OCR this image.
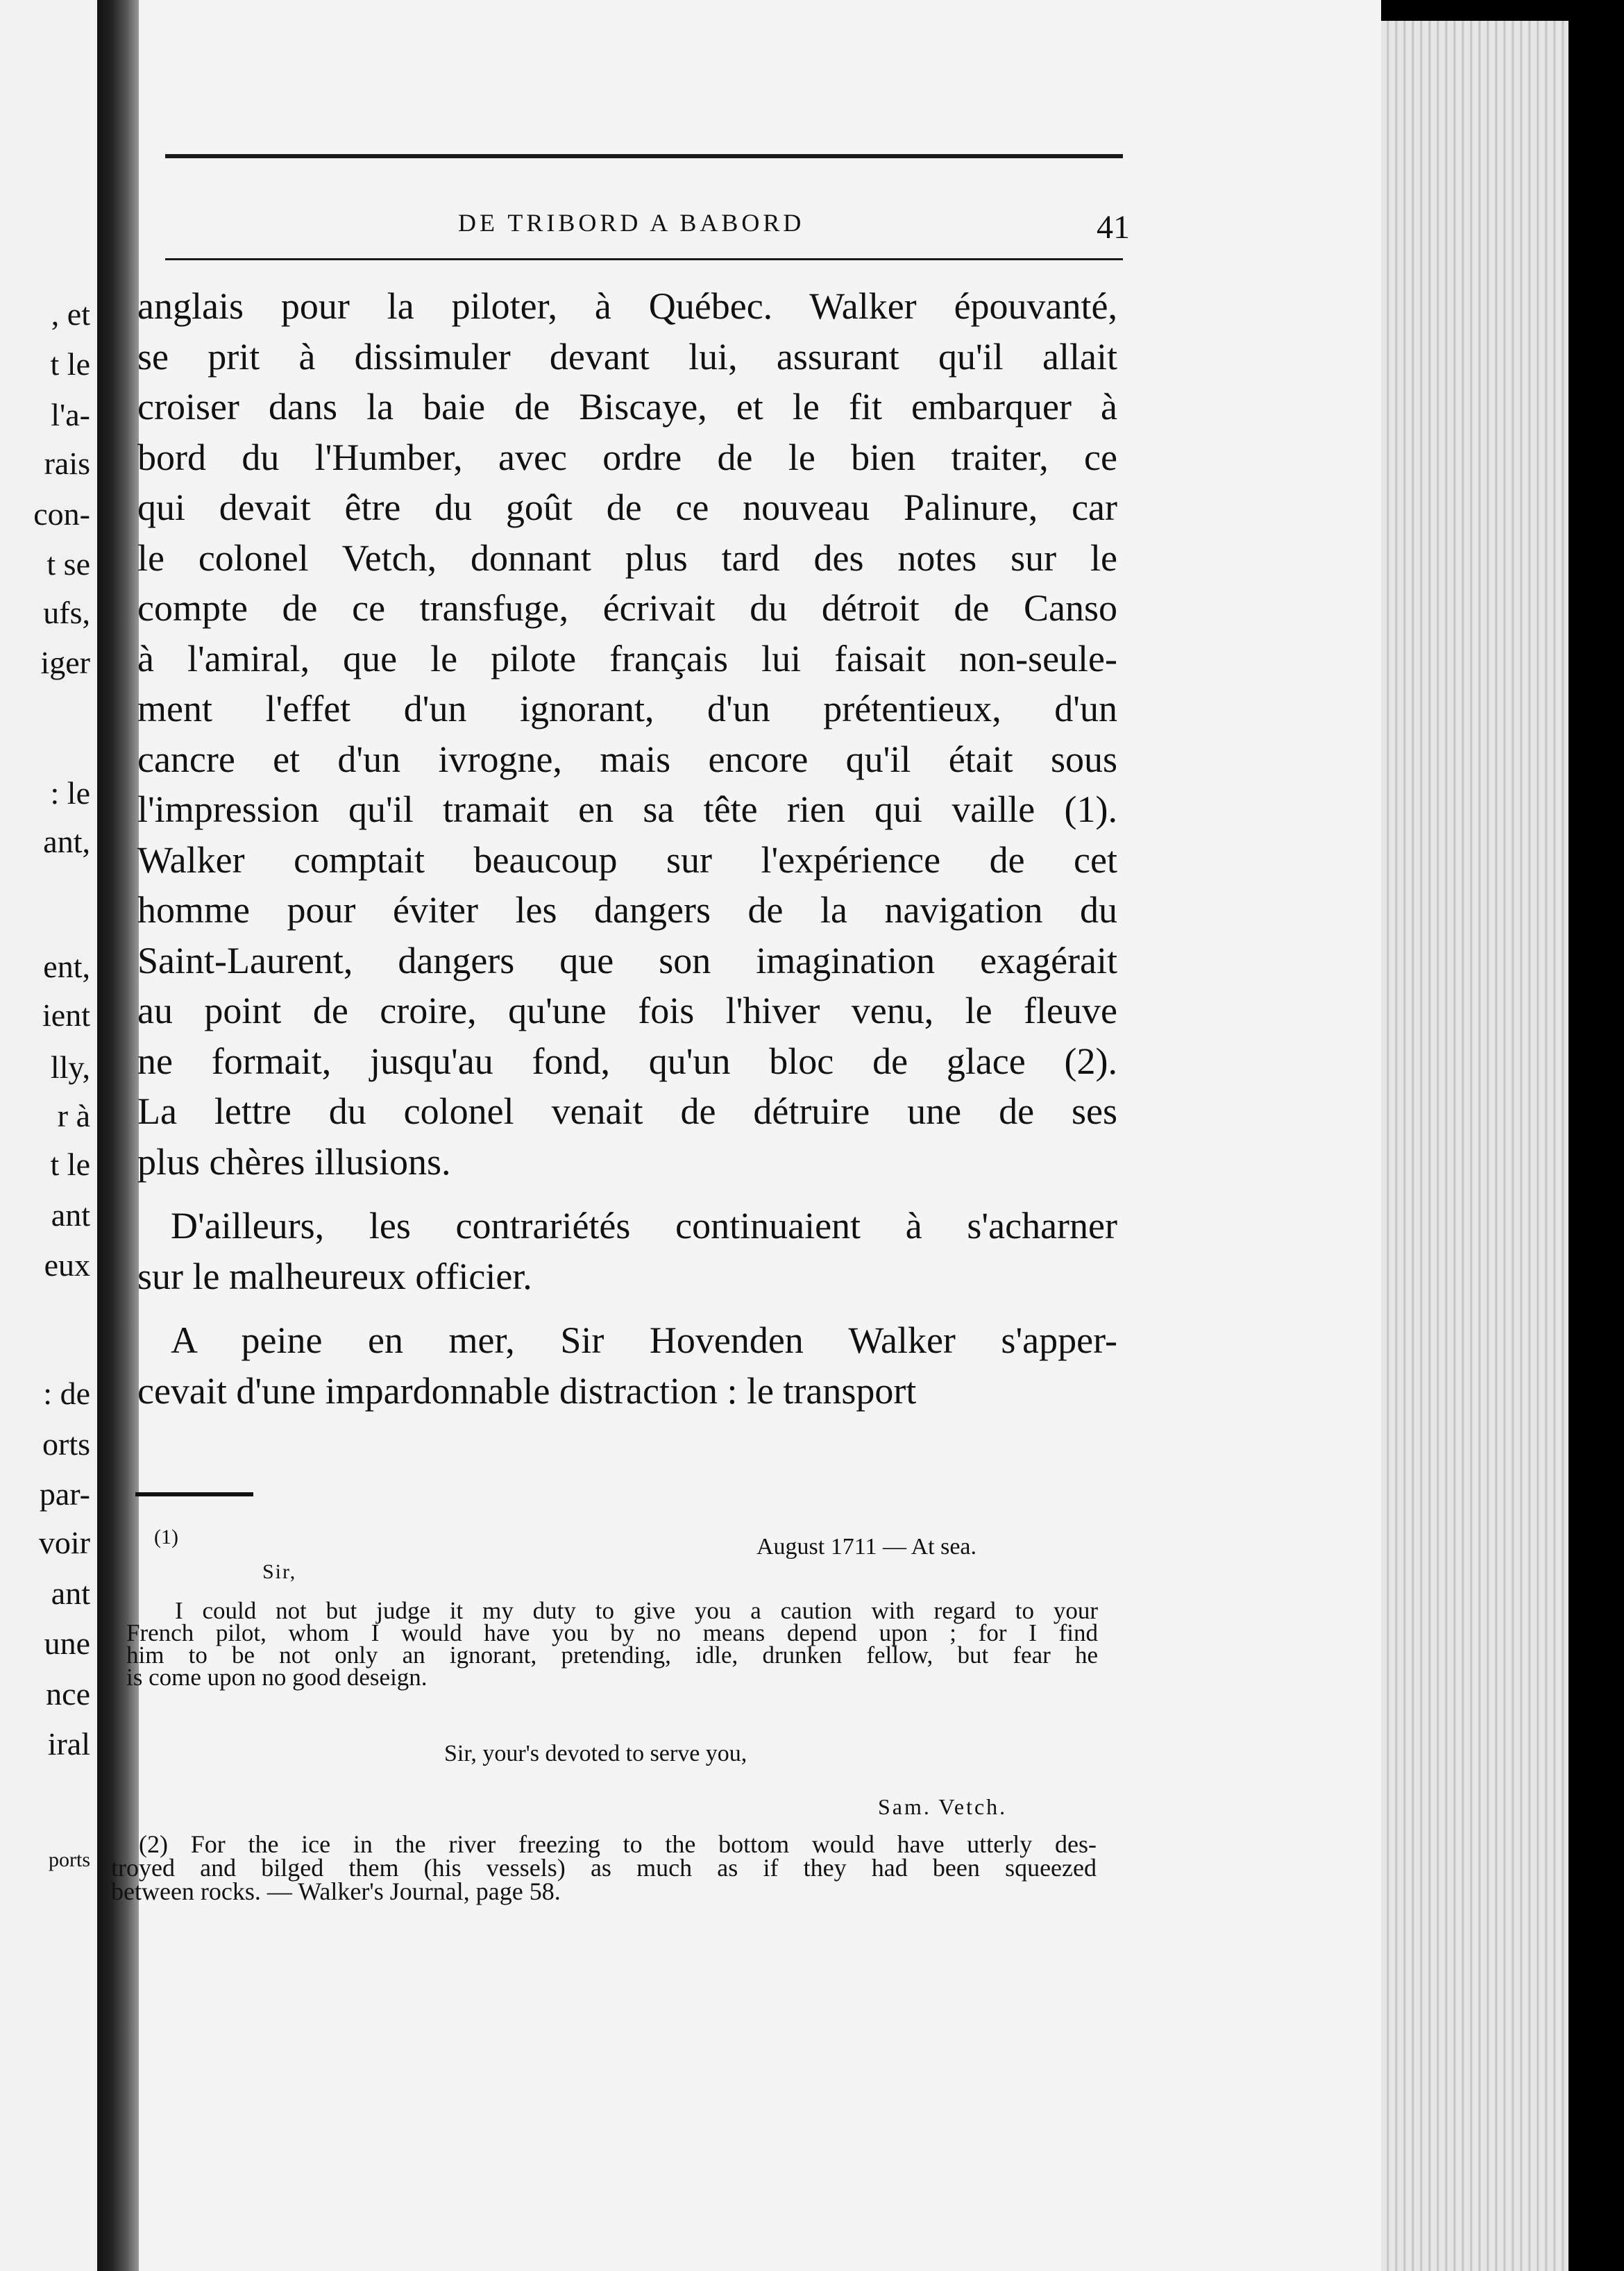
, et
t le
l'a-
rais
con-
t se
ufs,
iger
: le
ant,
ent,
ient
lly,
r à
t le
ant
eux
: de
orts
par-
voir
ant
une
nce
iral
ports
DE TRIBORD A BABORD	41
anglais pour la piloter, à Québec. Walker épouvanté,
se prit à dissimuler devant lui, assurant qu'il allait
croiser dans la baie de Biscaye, et le fit embarquer à
bord du l'Humber, avec ordre de le bien traiter, ce
qui devait être du goût de ce nouveau Palinure, car
le colonel Vetch, donnant plus tard des notes sur le
compte de ce transfuge, écrivait du détroit de Canso
à l'amiral, que le pilote français lui faisait non-seule-
ment l'effet d'un ignorant, d'un prétentieux, d'un
cancre et d'un ivrogne, mais encore qu'il était sous
l'impression qu'il tramait en sa tête rien qui vaille (1).
Walker comptait beaucoup sur l'expérience de cet
homme pour éviter les dangers de la navigation du
Saint-Laurent, dangers que son imagination exagérait
au point de croire, qu'une fois l'hiver venu, le fleuve
ne formait, jusqu'au fond, qu'un bloc de glace (2).
La lettre du colonel venait de détruire une de ses
plus chères illusions.
D'ailleurs, les contrariétés continuaient à s'acharner
sur le malheureux officier.
A peine en mer, Sir Hovenden Walker s'apper-
cevait d'une impardonnable distraction : le transport
(1)	August 1711 — At sea.
Sir,
I could not but judge it my duty to give you a caution with regard to your
French pilot, whom I would have you by no means depend upon ; for I find
him to be not only an ignorant, pretending, idle, drunken fellow, but fear he
is come upon no good deseign.
Sir, your's devoted to serve you,
Sam. Vetch.
(2) For the ice in the river freezing to the bottom would have utterly des-
troyed and bilged them (his vessels) as much as if they had been squeezed
between rocks. — Walker's Journal, page 58.
